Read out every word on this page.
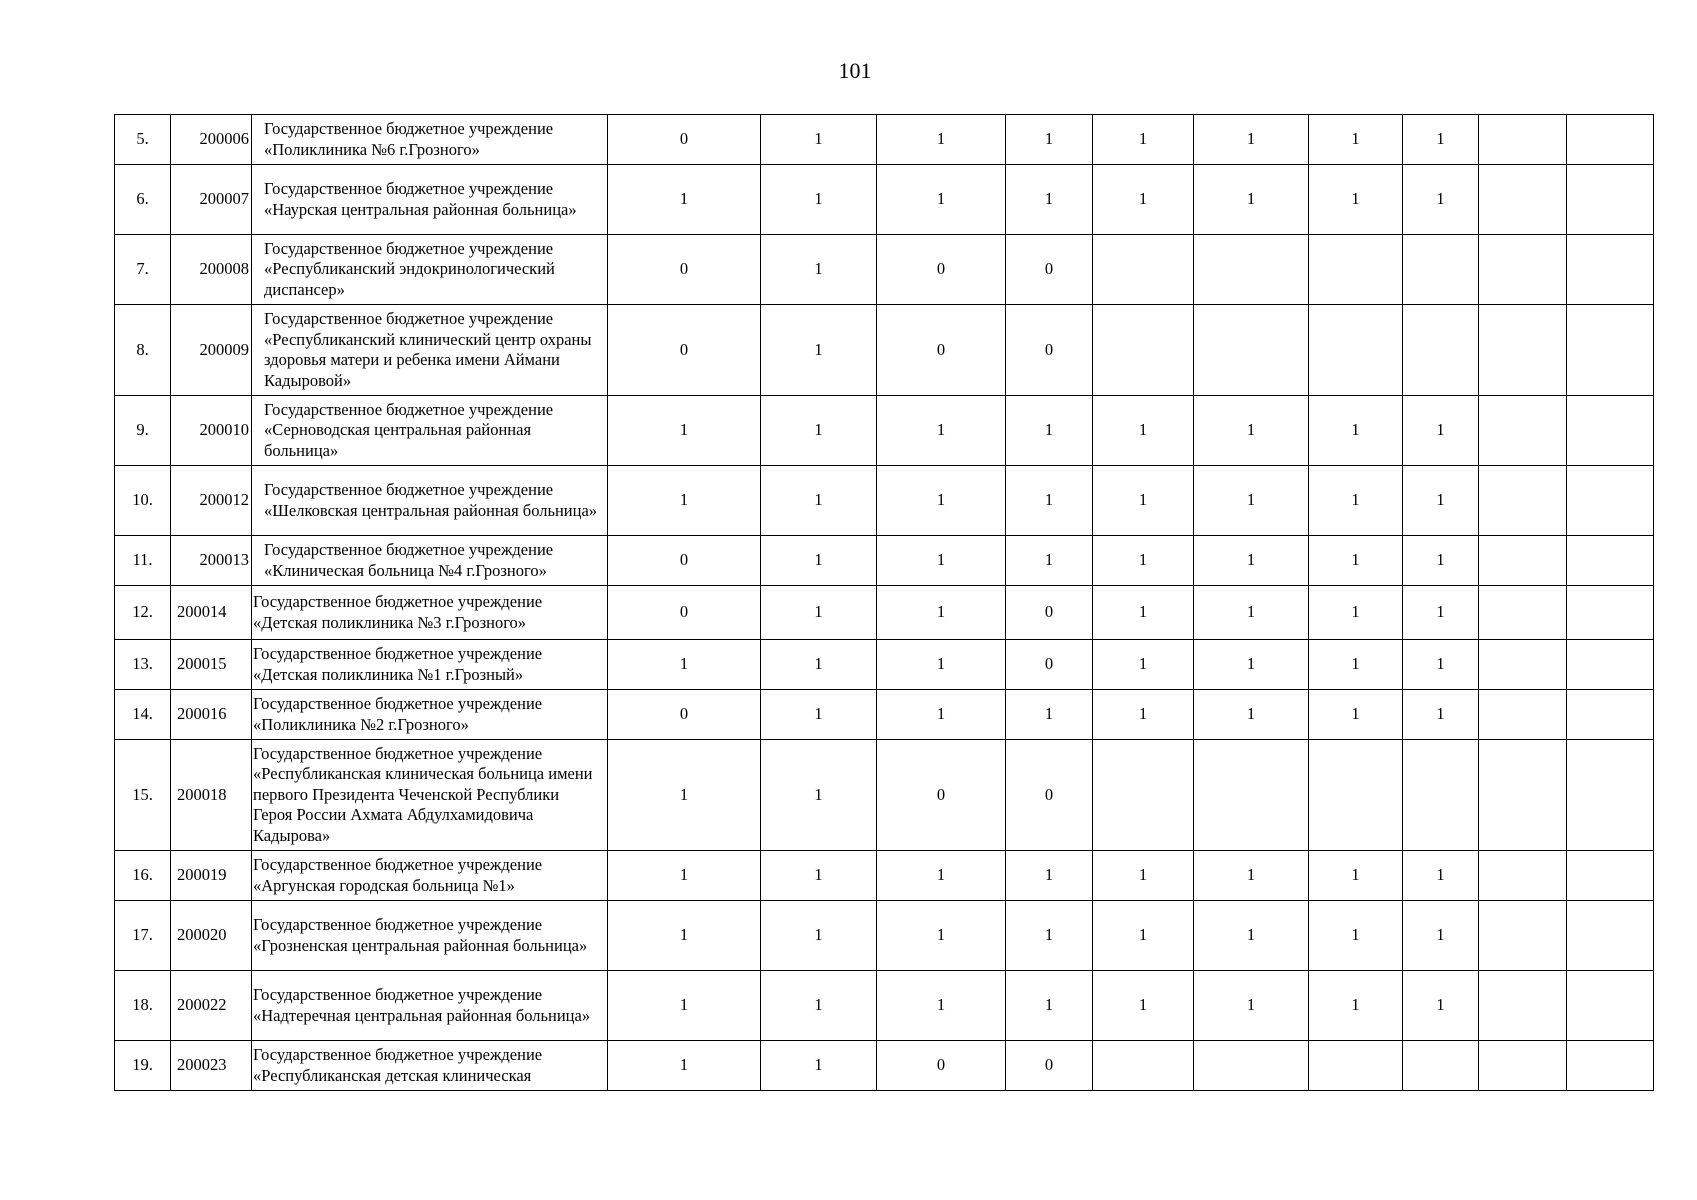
101
5.	200006	Государственное бюджетное учреждение «Поликлиника №6 г.Грозного»	0	1	1	1	1	1	1	1		
6.	200007	Государственное бюджетное учреждение «Наурская центральная районная больница»	1	1	1	1	1	1	1	1		
7.	200008	Государственное бюджетное учреждение «Республиканский эндокринологический диспансер»	0	1	0	0						
8.	200009	Государственное бюджетное учреждение «Республиканский клинический центр охраны здоровья матери и ребенка имени Аймани Кадыровой»	0	1	0	0						
9.	200010	Государственное бюджетное учреждение «Серноводская центральная районная больница»	1	1	1	1	1	1	1	1		
10.	200012	Государственное бюджетное учреждение «Шелковская центральная районная больница»	1	1	1	1	1	1	1	1		
11.	200013	Государственное бюджетное учреждение «Клиническая больница №4 г.Грозного»	0	1	1	1	1	1	1	1		
12.	200014	Государственное бюджетное учреждение «Детская поликлиника №3 г.Грозного»	0	1	1	0	1	1	1	1		
13.	200015	Государственное бюджетное учреждение «Детская поликлиника №1 г.Грозный»	1	1	1	0	1	1	1	1		
14.	200016	Государственное бюджетное учреждение «Поликлиника №2 г.Грозного»	0	1	1	1	1	1	1	1		
15.	200018	Государственное бюджетное учреждение «Республиканская клиническая больница имени первого Президента Чеченской Республики Героя России Ахмата Абдулхамидовича Кадырова»	1	1	0	0						
16.	200019	Государственное бюджетное учреждение «Аргунская городская больница №1»	1	1	1	1	1	1	1	1		
17.	200020	Государственное бюджетное учреждение «Грозненская центральная районная больница»	1	1	1	1	1	1	1	1		
18.	200022	Государственное бюджетное учреждение «Надтеречная центральная районная больница»	1	1	1	1	1	1	1	1		
19.	200023	Государственное бюджетное учреждение «Республиканская детская клиническая	1	1	0	0						
